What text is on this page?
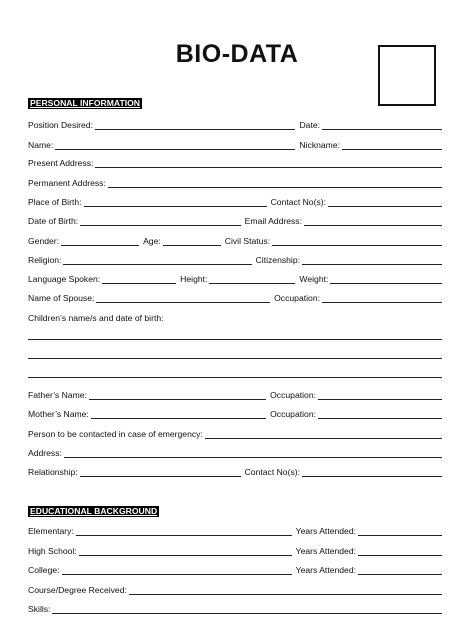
BIO-DATA
PERSONAL INFORMATION
Position Desired:	Date:
Name:	Nickname:
Present Address:
Permanent Address:
Place of Birth:	Contact No(s):
Date of Birth:	Email Address:
Gender:	Age:	Civil Status:
Religion:	Citizenship:
Language Spoken:	Height:	Weight:
Name of Spouse:	Occupation:
Children’s name/s and date of birth:
Father’s Name:	Occupation:
Mother’s Name:	Occupation:
Person to be contacted in case of emergency:
Address:
Relationship:	Contact No(s):
EDUCATIONAL BACKGROUND
Elementary:	Years Attended:
High School:	Years Attended:
College:	Years Attended:
Course/Degree Received:
Skills:
